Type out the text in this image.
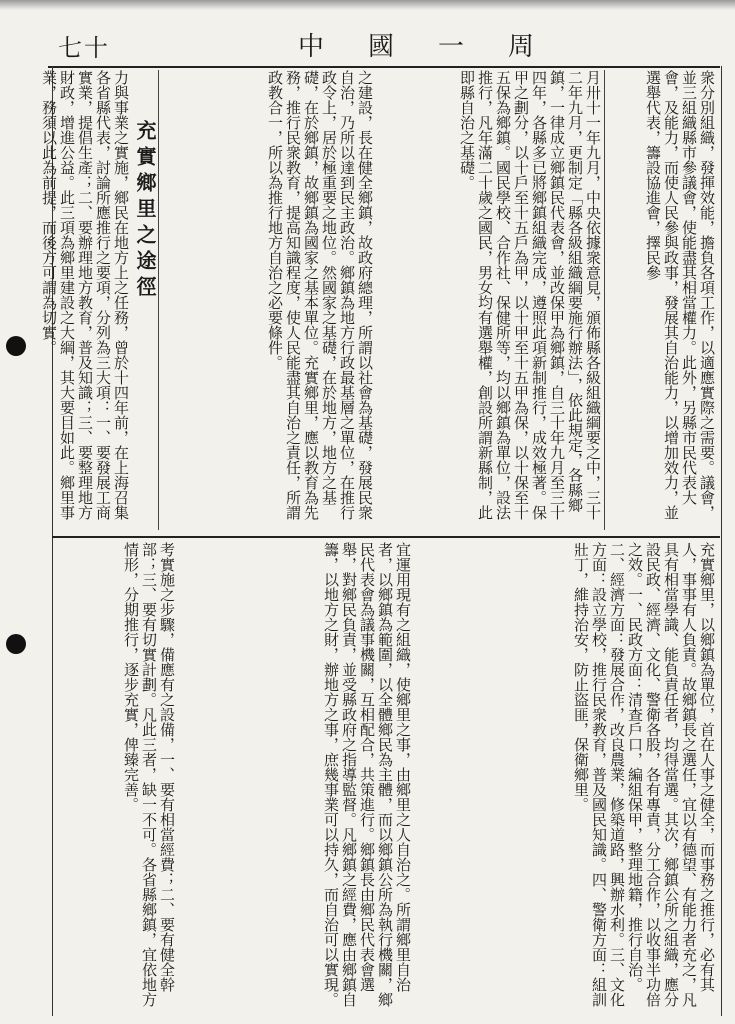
七十	中國一周
衆分別組織，發揮效能，擔負各項工作，以適應實際之需要。議會，並三組織縣市參議會，使能盡其相當權力。此外，另縣市民代表大會，及能力，而使人民參與政事，發展其自治能力，以增加效力，並選舉代表，籌設協進會，擇民參
月卅十一年九月，中央依據衆意見，頒佈縣各級組織綱要之中，三十二年九月，更制定「縣各級組織綱要施行辦法」，依此規定，各縣鄉鎮，一律成立鄉鎮民代表會，並改保甲為鄉鎮，自三十年九月至三十四年，各縣多已將鄉鎮組織完成，遵照此項新制推行，成效極著。保甲之劃分，以十戶至十五戶為甲，以十甲至十五甲為保，以十保至十五保為鄉鎮。國民學校、合作社、保健所等，均以鄉鎮為單位，設法推行，凡年滿二十歲之國民，男女均有選舉權，創設所謂新縣制，此即縣自治之基礎。
之建設，長在健全鄉鎮，故政府總理，所謂以社會為基礎，發展民衆自治，乃所以達到民主政治。鄉鎮為地方行政最基層之單位，在推行政令上，居於極重要之地位。然國家之基礎，在於地方，地方之基礎，在於鄉鎮，故鄉鎮為國家之基本單位。充實鄉里，應以教育為先務，推行民衆教育，提高知識程度，使人民能盡其自治之責任，所謂政教合一，所以為推行地方自治之必要條件。
充實鄉里之途徑
力與事業之實施，鄉民在地方上之任務，曾於十四年前，在上海召集各省縣代表，討論所應推行之要項，分列為三大項：一、要發展工商實業，提倡生產；二、要辦理地方教育，普及知識；三、要整理地方財政，增進公益。此三項為鄉里建設之大綱，其大要目如此。鄉里事業，務須以此為前提，而後方可謂為切實。
充實鄉里，以鄉鎮為單位，首在人事之健全，而事務之推行，必有其人，事事有人負責。故鄉鎮長之選任，宜以有德望、有能力者充之，凡具有相當學識、能負責任者，均得當選。其次，鄉鎮公所之組織，應分設民政、經濟、文化、警衛各股，各有專責，分工合作，以收事半功倍之效。一、民政方面：清查戶口，編組保甲，整理地籍，推行自治。二、經濟方面：發展合作，改良農業，修築道路，興辦水利。三、文化方面：設立學校，推行民衆教育，普及國民知識。四、警衛方面：組訓壯丁，維持治安，防止盜匪，保衛鄉里。
宜運用現有之組織，使鄉里之事，由鄉里之人自治之。所謂鄉里自治者，以鄉鎮為範圍，以全體鄉民為主體，而以鄉鎮公所為執行機關，鄉民代表會為議事機關，互相配合，共策進行。鄉鎮長由鄉民代表會選舉，對鄉民負責，並受縣政府之指導監督。凡鄉鎮之經費，應由鄉鎮自籌，以地方之財，辦地方之事，庶幾事業可以持久，而自治可以實現。
考實施之步驟，備應有之設備，一、要有相當經費；二、要有健全幹部；三、要有切實計劃。凡此三者，缺一不可。各省縣鄉鎮，宜依地方情形，分期推行，逐步充實，俾臻完善。
